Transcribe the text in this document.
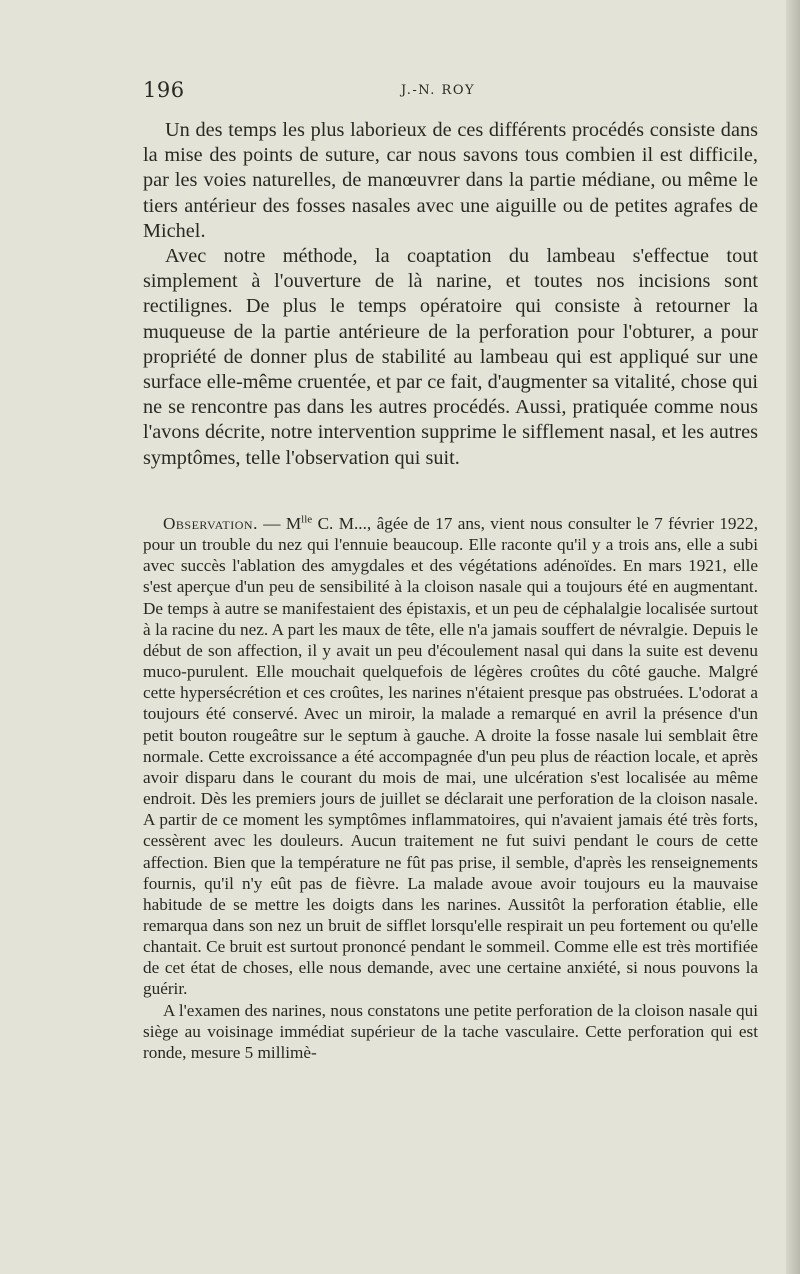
196	J.-N. ROY

Un des temps les plus laborieux de ces différents procédés consiste dans la mise des points de suture, car nous savons tous combien il est difficile, par les voies naturelles, de manœuvrer dans la partie médiane, ou même le tiers antérieur des fosses nasales avec une aiguille ou de petites agrafes de Michel.

Avec notre méthode, la coaptation du lambeau s'effectue tout simplement à l'ouverture de là narine, et toutes nos incisions sont rectilignes. De plus le temps opératoire qui consiste à retourner la muqueuse de la partie antérieure de la perforation pour l'obturer, a pour propriété de donner plus de stabilité au lambeau qui est appliqué sur une surface elle-même cruentée, et par ce fait, d'augmenter sa vitalité, chose qui ne se rencontre pas dans les autres procédés. Aussi, pratiquée comme nous l'avons décrite, notre intervention supprime le sifflement nasal, et les autres symptômes, telle l'observation qui suit.

Observation. — $M^{lle}$ C. M..., âgée de 17 ans, vient nous consulter le 7 février 1922, pour un trouble du nez qui l'ennuie beaucoup. Elle raconte qu'il y a trois ans, elle a subi avec succès l'ablation des amygdales et des végétations adénoïdes. En mars 1921, elle s'est aperçue d'un peu de sensibilité à la cloison nasale qui a toujours été en augmentant. De temps à autre se manifestaient des épistaxis, et un peu de céphalalgie localisée surtout à la racine du nez. A part les maux de tête, elle n'a jamais souffert de névralgie. Depuis le début de son affection, il y avait un peu d'écoulement nasal qui dans la suite est devenu muco-purulent. Elle mouchait quelquefois de légères croûtes du côté gauche. Malgré cette hypersécrétion et ces croûtes, les narines n'étaient presque pas obstruées. L'odorat a toujours été conservé. Avec un miroir, la malade a remarqué en avril la présence d'un petit bouton rougeâtre sur le septum à gauche. A droite la fosse nasale lui semblait être normale. Cette excroissance a été accompagnée d'un peu plus de réaction locale, et après avoir disparu dans le courant du mois de mai, une ulcération s'est localisée au même endroit. Dès les premiers jours de juillet se déclarait une perforation de la cloison nasale. A partir de ce moment les symptômes inflammatoires, qui n'avaient jamais été très forts, cessèrent avec les douleurs. Aucun traitement ne fut suivi pendant le cours de cette affection. Bien que la température ne fût pas prise, il semble, d'après les renseignements fournis, qu'il n'y eût pas de fièvre. La malade avoue avoir toujours eu la mauvaise habitude de se mettre les doigts dans les narines. Aussitôt la perforation établie, elle remarqua dans son nez un bruit de sifflet lorsqu'elle respirait un peu fortement ou qu'elle chantait. Ce bruit est surtout prononcé pendant le sommeil. Comme elle est très mortifiée de cet état de choses, elle nous demande, avec une certaine anxiété, si nous pouvons la guérir.

A l'examen des narines, nous constatons une petite perforation de la cloison nasale qui siège au voisinage immédiat supérieur de la tache vasculaire. Cette perforation qui est ronde, mesure 5 millimè-
